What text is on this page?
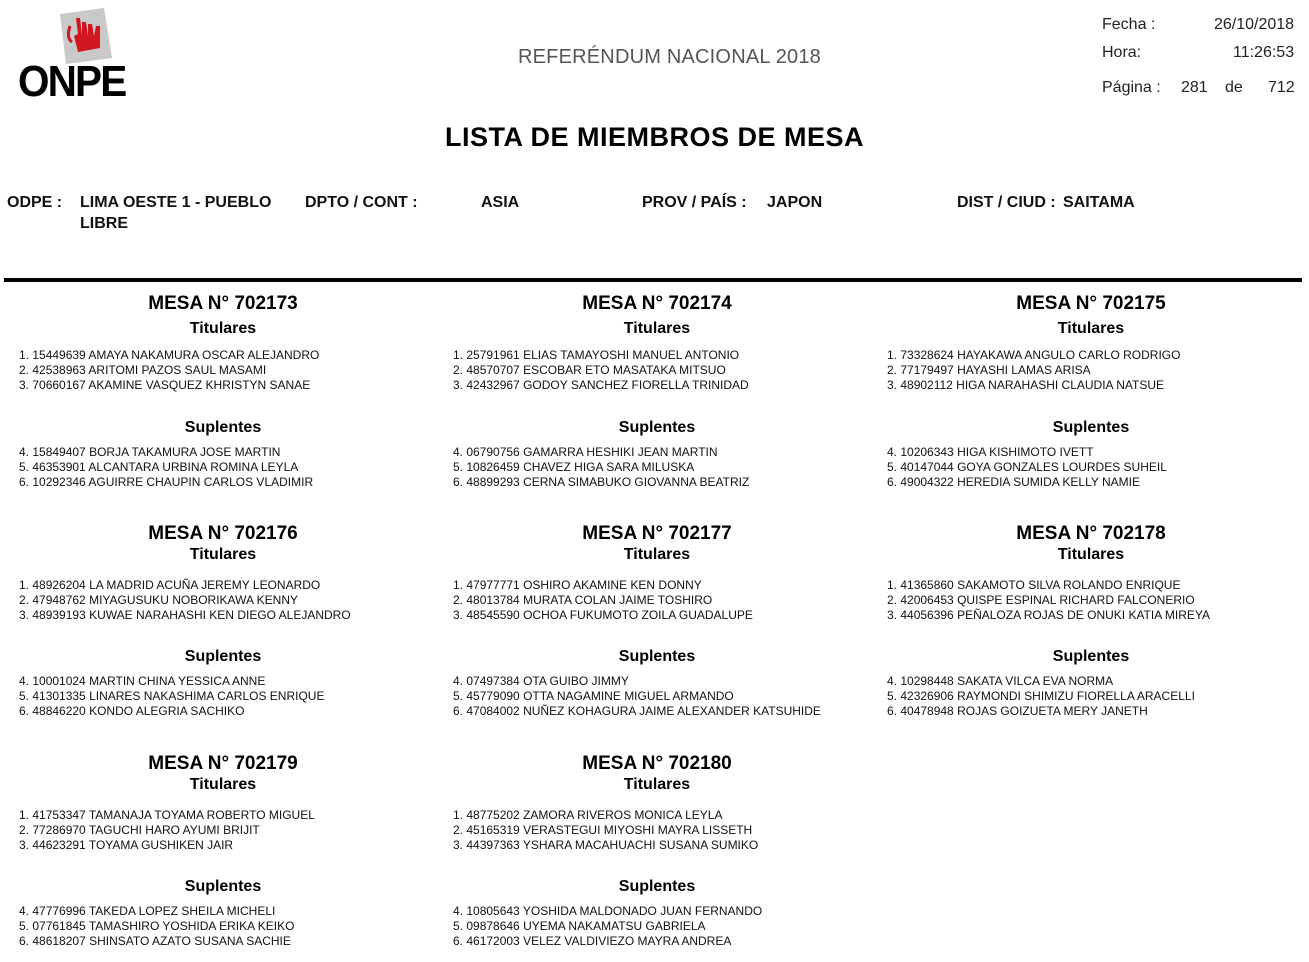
ONPE	REFERÉNDUM NACIONAL 2018
Fecha :	26/10/2018
Hora:	11:26:53
Página : 281 de 712
LISTA DE MIEMBROS DE MESA
ODPE : LIMA OESTE 1 - PUEBLO
LIBRE
DPTO / CONT :	ASIA	PROV / PAÍS : JAPON	DIST / CIUD : SAITAMA
MESA N° 702173
Titulares
1. 15449639 AMAYA NAKAMURA OSCAR ALEJANDRO
2. 42538963 ARITOMI PAZOS SAUL MASAMI
3. 70660167 AKAMINE VASQUEZ KHRISTYN SANAE
Suplentes
4. 15849407 BORJA TAKAMURA JOSE MARTIN
5. 46353901 ALCANTARA URBINA ROMINA LEYLA
6. 10292346 AGUIRRE CHAUPIN CARLOS VLADIMIR
MESA N° 702174
Titulares
1. 25791961 ELIAS TAMAYOSHI MANUEL ANTONIO
2. 48570707 ESCOBAR ETO MASATAKA MITSUO
3. 42432967 GODOY SANCHEZ FIORELLA TRINIDAD
Suplentes
4. 06790756 GAMARRA HESHIKI JEAN MARTIN
5. 10826459 CHAVEZ HIGA SARA MILUSKA
6. 48899293 CERNA SIMABUKO GIOVANNA BEATRIZ
MESA N° 702175
Titulares
1. 73328624 HAYAKAWA ANGULO CARLO RODRIGO
2. 77179497 HAYASHI LAMAS ARISA
3. 48902112 HIGA NARAHASHI CLAUDIA NATSUE
Suplentes
4. 10206343 HIGA KISHIMOTO IVETT
5. 40147044 GOYA GONZALES LOURDES SUHEIL
6. 49004322 HEREDIA SUMIDA KELLY NAMIE
MESA N° 702176
Titulares
1. 48926204 LA MADRID ACUÑA JEREMY LEONARDO
2. 47948762 MIYAGUSUKU NOBORIKAWA KENNY
3. 48939193 KUWAE NARAHASHI KEN DIEGO ALEJANDRO
Suplentes
4. 10001024 MARTIN CHINA YESSICA ANNE
5. 41301335 LINARES NAKASHIMA CARLOS ENRIQUE
6. 48846220 KONDO ALEGRIA SACHIKO
MESA N° 702177
Titulares
1. 47977771 OSHIRO AKAMINE KEN DONNY
2. 48013784 MURATA COLAN JAIME TOSHIRO
3. 48545590 OCHOA FUKUMOTO ZOILA GUADALUPE
Suplentes
4. 07497384 OTA GUIBO JIMMY
5. 45779090 OTTA NAGAMINE MIGUEL ARMANDO
6. 47084002 NUÑEZ KOHAGURA JAIME ALEXANDER KATSUHIDE
MESA N° 702178
Titulares
1. 41365860 SAKAMOTO SILVA ROLANDO ENRIQUE
2. 42006453 QUISPE ESPINAL RICHARD FALCONERIO
3. 44056396 PEÑALOZA ROJAS DE ONUKI KATIA MIREYA
Suplentes
4. 10298448 SAKATA VILCA EVA NORMA
5. 42326906 RAYMONDI SHIMIZU FIORELLA ARACELLI
6. 40478948 ROJAS GOIZUETA MERY JANETH
MESA N° 702179
Titulares
1. 41753347 TAMANAJA TOYAMA ROBERTO MIGUEL
2. 77286970 TAGUCHI HARO AYUMI BRIJIT
3. 44623291 TOYAMA GUSHIKEN JAIR
Suplentes
4. 47776996 TAKEDA LOPEZ SHEILA MICHELI
5. 07761845 TAMASHIRO YOSHIDA ERIKA KEIKO
6. 48618207 SHINSATO AZATO SUSANA SACHIE
MESA N° 702180
Titulares
1. 48775202 ZAMORA RIVEROS MONICA LEYLA
2. 45165319 VERASTEGUI MIYOSHI MAYRA LISSETH
3. 44397363 YSHARA MACAHUACHI SUSANA SUMIKO
Suplentes
4. 10805643 YOSHIDA MALDONADO JUAN FERNANDO
5. 09878646 UYEMA NAKAMATSU GABRIELA
6. 46172003 VELEZ VALDIVIEZO MAYRA ANDREA
